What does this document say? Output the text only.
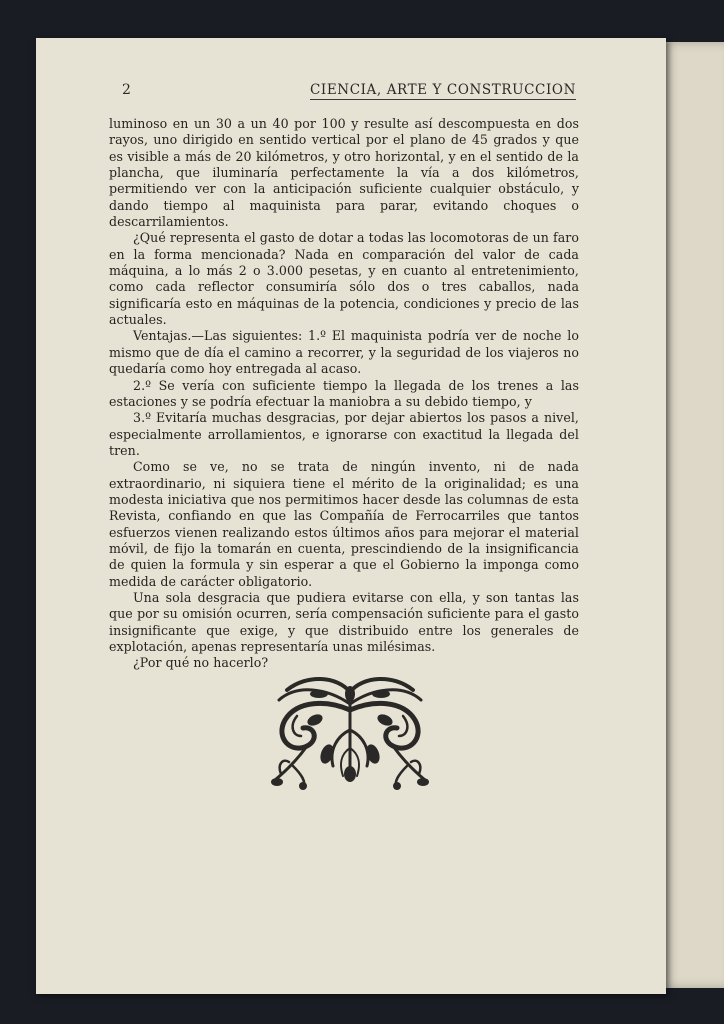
2	CIENCIA, ARTE Y CONSTRUCCION

luminoso en un 30 a un 40 por 100 y resulte así descompuesta en dos rayos, uno dirigido en sentido vertical por el plano de 45 grados y que es visible a más de 20 kilómetros, y otro horizontal, y en el sentido de la plancha, que iluminaría perfectamente la vía a dos kilómetros, permitiendo ver con la anticipación suficiente cualquier obstáculo, y dando tiempo al maquinista para parar, evitando choques o descarrilamientos.

¿Qué representa el gasto de dotar a todas las locomotoras de un faro en la forma mencionada? Nada en comparación del valor de cada máquina, a lo más 2 o 3.000 pesetas, y en cuanto al entretenimiento, como cada reflector consumiría sólo dos o tres caballos, nada significaría esto en máquinas de la potencia, condiciones y precio de las actuales.

Ventajas.—Las siguientes: 1.º El maquinista podría ver de noche lo mismo que de día el camino a recorrer, y la seguridad de los viajeros no quedaría como hoy entregada al acaso.

2.º Se vería con suficiente tiempo la llegada de los trenes a las estaciones y se podría efectuar la maniobra a su debido tiempo, y

3.º Evitaría muchas desgracias, por dejar abiertos los pasos a nivel, especialmente arrollamientos, e ignorarse con exactitud la llegada del tren.

Como se ve, no se trata de ningún invento, ni de nada extraordinario, ni siquiera tiene el mérito de la originalidad; es una modesta iniciativa que nos permitimos hacer desde las columnas de esta Revista, confiando en que las Compañía de Ferrocarriles que tantos esfuerzos vienen realizando estos últimos años para mejorar el material móvil, de fijo la tomarán en cuenta, prescindiendo de la insignificancia de quien la formula y sin esperar a que el Gobierno la imponga como medida de carácter obligatorio.

Una sola desgracia que pudiera evitarse con ella, y son tantas las que por su omisión ocurren, sería compensación suficiente para el gasto insignificante que exige, y que distribuido entre los generales de explotación, apenas representaría unas milésimas.

¿Por qué no hacerlo?
